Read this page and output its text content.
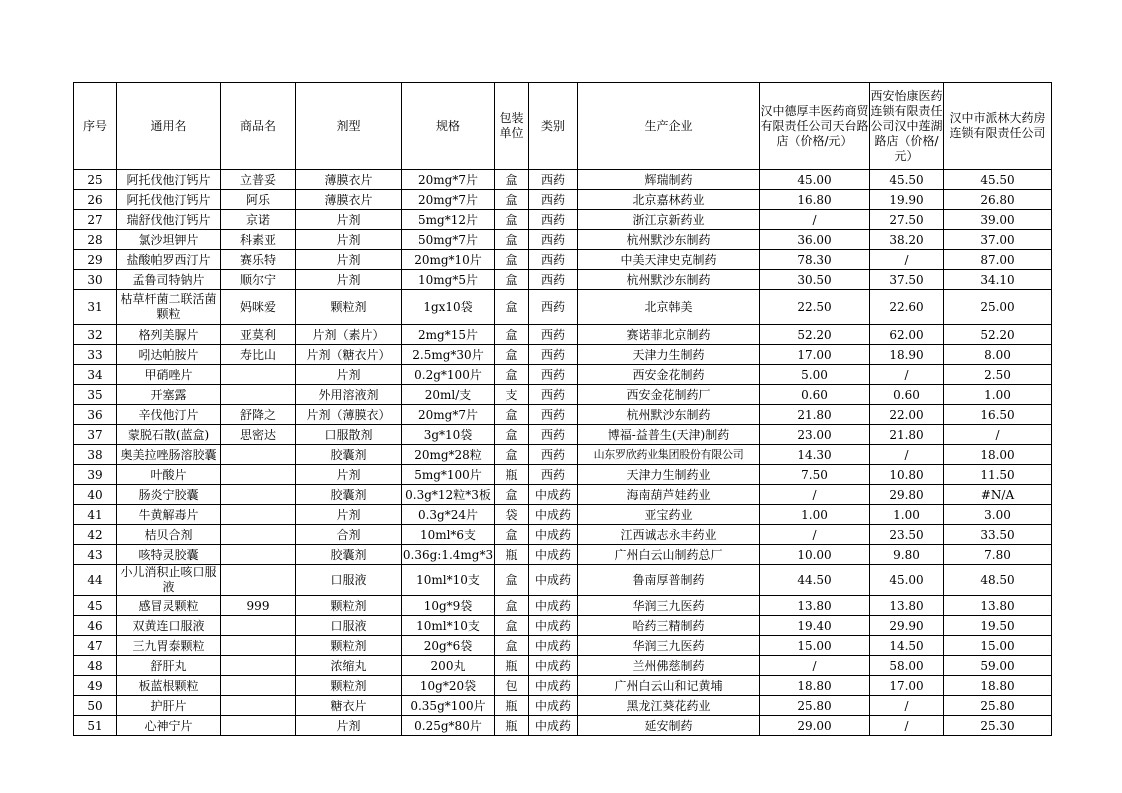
序号	通用名	商品名	剂型	规格	包装单位	类别	生产企业	汉中德厚丰医药商贸有限责任公司天台路店（价格/元）	西安怡康医药连锁有限责任公司汉中莲湖路店（价格/元）	汉中市派林大药房连锁有限责任公司
25	阿托伐他汀钙片	立普妥	薄膜衣片	20mg*7片	盒	西药	辉瑞制药	45.00	45.50	45.50
26	阿托伐他汀钙片	阿乐	薄膜衣片	20mg*7片	盒	西药	北京嘉林药业	16.80	19.90	26.80
27	瑞舒伐他汀钙片	京诺	片剂	5mg*12片	盒	西药	浙江京新药业	/	27.50	39.00
28	氯沙坦钾片	科素亚	片剂	50mg*7片	盒	西药	杭州默沙东制药	36.00	38.20	37.00
29	盐酸帕罗西汀片	赛乐特	片剂	20mg*10片	盒	西药	中美天津史克制药	78.30	/	87.00
30	孟鲁司特钠片	顺尔宁	片剂	10mg*5片	盒	西药	杭州默沙东制药	30.50	37.50	34.10
31	枯草杆菌二联活菌颗粒	妈咪爱	颗粒剂	1gx10袋	盒	西药	北京韩美	22.50	22.60	25.00
32	格列美脲片	亚莫利	片剂（素片）	2mg*15片	盒	西药	赛诺菲北京制药	52.20	62.00	52.20
33	吲达帕胺片	寿比山	片剂（糖衣片）	2.5mg*30片	盒	西药	天津力生制药	17.00	18.90	8.00
34	甲硝唑片		片剂	0.2g*100片	盒	西药	西安金花制药	5.00	/	2.50
35	开塞露		外用溶液剂	20ml/支	支	西药	西安金花制药厂	0.60	0.60	1.00
36	辛伐他汀片	舒降之	片剂（薄膜衣）	20mg*7片	盒	西药	杭州默沙东制药	21.80	22.00	16.50
37	蒙脱石散(蓝盒)	思密达	口服散剂	3g*10袋	盒	西药	博福-益普生(天津)制药	23.00	21.80	/
38	奥美拉唑肠溶胶囊		胶囊剂	20mg*28粒	盒	西药	山东罗欣药业集团股份有限公司	14.30	/	18.00
39	叶酸片		片剂	5mg*100片	瓶	西药	天津力生制药业	7.50	10.80	11.50
40	肠炎宁胶囊		胶囊剂	0.3g*12粒*3板	盒	中成药	海南葫芦娃药业	/	29.80	#N/A
41	牛黄解毒片		片剂	0.3g*24片	袋	中成药	亚宝药业	1.00	1.00	3.00
42	桔贝合剂		合剂	10ml*6支	盒	中成药	江西诚志永丰药业	/	23.50	33.50
43	咳特灵胶囊		胶囊剂	0.36g:1.4mg*3	瓶	中成药	广州白云山制药总厂	10.00	9.80	7.80
44	小儿消积止咳口服液		口服液	10ml*10支	盒	中成药	鲁南厚普制药	44.50	45.00	48.50
45	感冒灵颗粒	999	颗粒剂	10g*9袋	盒	中成药	华润三九医药	13.80	13.80	13.80
46	双黄连口服液		口服液	10ml*10支	盒	中成药	哈药三精制药	19.40	29.90	19.50
47	三九胃泰颗粒		颗粒剂	20g*6袋	盒	中成药	华润三九医药	15.00	14.50	15.00
48	舒肝丸		浓缩丸	200丸	瓶	中成药	兰州佛慈制药	/	58.00	59.00
49	板蓝根颗粒		颗粒剂	10g*20袋	包	中成药	广州白云山和记黄埔	18.80	17.00	18.80
50	护肝片		糖衣片	0.35g*100片	瓶	中成药	黑龙江葵花药业	25.80	/	25.80
51	心神宁片		片剂	0.25g*80片	瓶	中成药	延安制药	29.00	/	25.30
